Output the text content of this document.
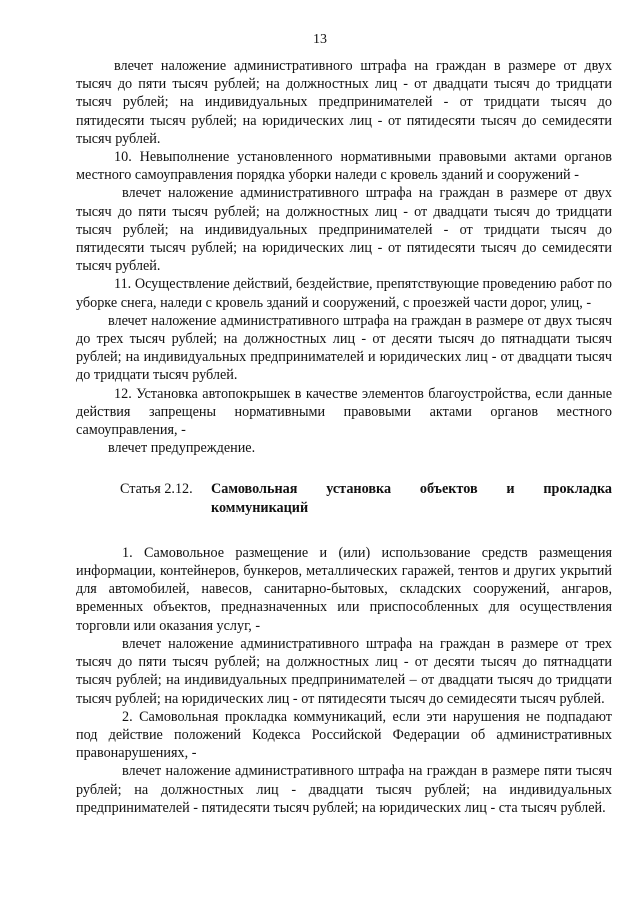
13

влечет наложение административного штрафа на граждан в размере от двух тысяч до пяти тысяч рублей; на должностных лиц - от двадцати тысяч до тридцати тысяч рублей; на индивидуальных предпринимателей - от тридцати тысяч до пятидесяти тысяч рублей; на юридических лиц - от пятидесяти тысяч до семидесяти тысяч рублей.

10. Невыполнение установленного нормативными правовыми актами органов местного самоуправления порядка уборки наледи с кровель зданий и сооружений -

влечет наложение административного штрафа на граждан в размере от двух тысяч до пяти тысяч рублей; на должностных лиц - от двадцати тысяч до тридцати тысяч рублей; на индивидуальных предпринимателей - от тридцати тысяч до пятидесяти тысяч рублей; на юридических лиц - от пятидесяти тысяч до семидесяти тысяч рублей.

11. Осуществление действий, бездействие, препятствующие проведению работ по уборке снега, наледи с кровель зданий и сооружений, с проезжей части дорог, улиц, -

влечет наложение административного штрафа на граждан в размере от двух тысяч до трех тысяч рублей; на должностных лиц - от десяти тысяч до пятнадцати тысяч рублей; на индивидуальных предпринимателей и юридических лиц - от двадцати тысяч до тридцати тысяч рублей.

12. Установка автопокрышек в качестве элементов благоустройства, если данные действия запрещены нормативными правовыми актами органов местного самоуправления, -

влечет предупреждение.

Статья 2.12.	Самовольная установка объектов и прокладка
коммуникаций

1. Самовольное размещение и (или) использование средств размещения информации, контейнеров, бункеров, металлических гаражей, тентов и других укрытий для автомобилей, навесов, санитарно-бытовых, складских сооружений, ангаров, временных объектов, предназначенных или приспособленных для осуществления торговли или оказания услуг, -

влечет наложение административного штрафа на граждан в размере от трех тысяч до пяти тысяч рублей; на должностных лиц - от десяти тысяч до пятнадцати тысяч рублей; на индивидуальных предпринимателей – от двадцати тысяч до тридцати тысяч рублей; на юридических лиц - от пятидесяти тысяч до семидесяти тысяч рублей.

2. Самовольная прокладка коммуникаций, если эти нарушения не подпадают под действие положений Кодекса Российской Федерации об административных правонарушениях, -

влечет наложение административного штрафа на граждан в размере пяти тысяч рублей; на должностных лиц - двадцати тысяч рублей; на индивидуальных предпринимателей - пятидесяти тысяч рублей; на юридических лиц - ста тысяч рублей.
